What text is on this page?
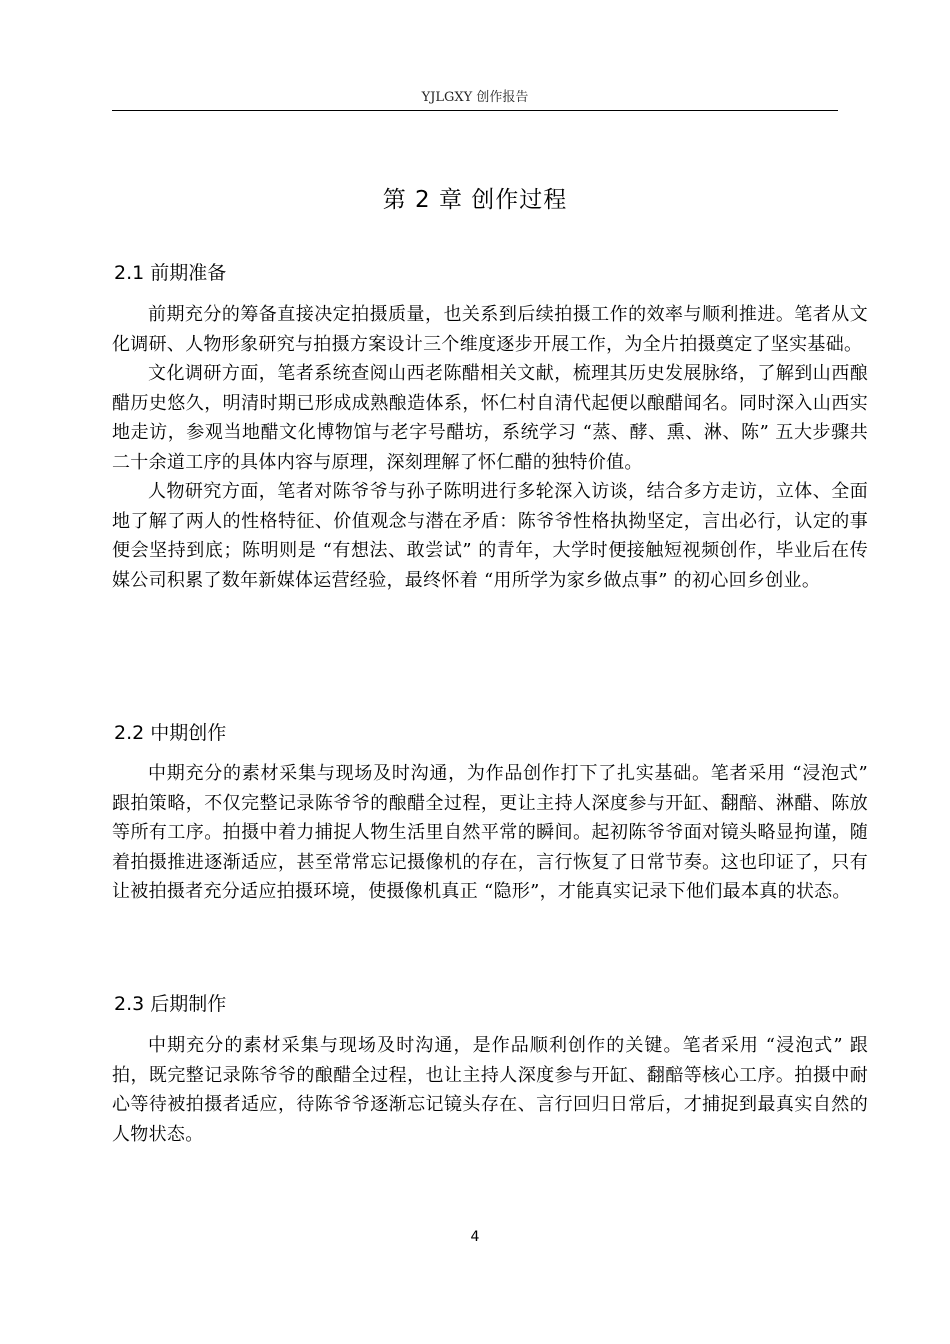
YJLGXY 创作报告
第 2 章 创作过程
2.1 前期准备

前期充分的筹备直接决定拍摄质量，也关系到后续拍摄工作的效率与顺利推进。笔者从文化调研、人物形象研究与拍摄方案设计三个维度逐步开展工作，为全片拍摄奠定了坚实基础。

文化调研方面，笔者系统查阅山西老陈醋相关文献，梳理其历史发展脉络，了解到山西酿醋历史悠久，明清时期已形成成熟酿造体系，怀仁村自清代起便以酿醋闻名。同时深入山西实地走访，参观当地醋文化博物馆与老字号醋坊，系统学习 “蒸、酵、熏、淋、陈” 五大步骤共二十余道工序的具体内容与原理，深刻理解了怀仁醋的独特价值。

人物研究方面，笔者对陈爷爷与孙子陈明进行多轮深入访谈，结合多方走访，立体、全面地了解了两人的性格特征、价值观念与潜在矛盾：陈爷爷性格执拗坚定，言出必行，认定的事便会坚持到底；陈明则是 “有想法、敢尝试” 的青年，大学时便接触短视频创作，毕业后在传媒公司积累了数年新媒体运营经验，最终怀着 “用所学为家乡做点事” 的初心回乡创业。

2.2 中期创作

中期充分的素材采集与现场及时沟通，为作品创作打下了扎实基础。笔者采用 “浸泡式” 跟拍策略，不仅完整记录陈爷爷的酿醋全过程，更让主持人深度参与开缸、翻醅、淋醋、陈放等所有工序。拍摄中着力捕捉人物生活里自然平常的瞬间。起初陈爷爷面对镜头略显拘谨，随着拍摄推进逐渐适应，甚至常常忘记摄像机的存在，言行恢复了日常节奏。这也印证了，只有让被拍摄者充分适应拍摄环境，使摄像机真正 “隐形”，才能真实记录下他们最本真的状态。

2.3 后期制作

中期充分的素材采集与现场及时沟通，是作品顺利创作的关键。笔者采用 “浸泡式” 跟拍，既完整记录陈爷爷的酿醋全过程，也让主持人深度参与开缸、翻醅等核心工序。拍摄中耐心等待被拍摄者适应，待陈爷爷逐渐忘记镜头存在、言行回归日常后，才捕捉到最真实自然的人物状态。

4
